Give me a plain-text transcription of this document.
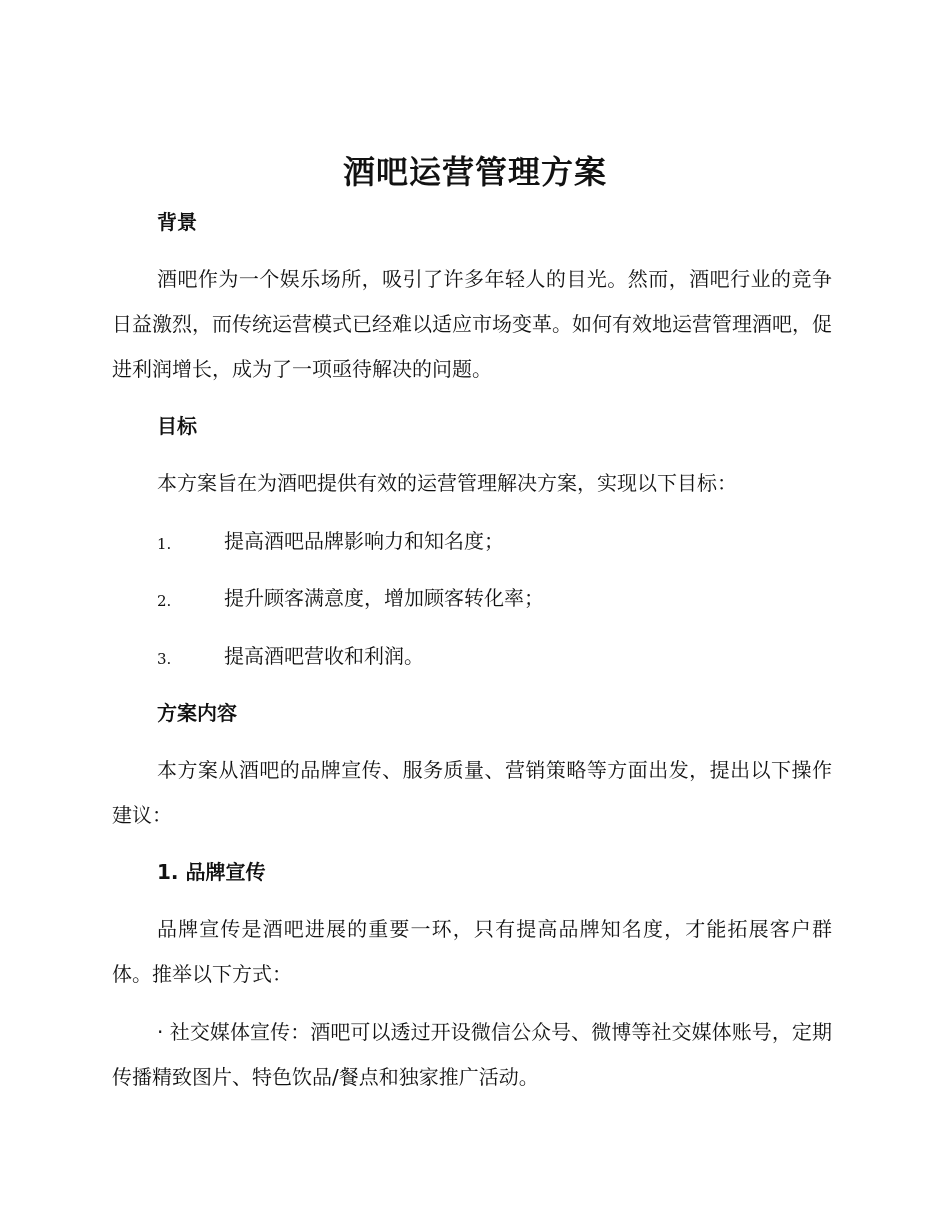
酒吧运营管理方案
背景

酒吧作为一个娱乐场所，吸引了许多年轻人的目光。然而，酒吧行业的竞争日益激烈，而传统运营模式已经难以适应市场变革。如何有效地运营管理酒吧，促进利润增长，成为了一项亟待解决的问题。

目标

本方案旨在为酒吧提供有效的运营管理解决方案，实现以下目标：

1.	提高酒吧品牌影响力和知名度；
2.	提升顾客满意度，增加顾客转化率；
3.	提高酒吧营收和利润。
方案内容

本方案从酒吧的品牌宣传、服务质量、营销策略等方面出发，提出以下操作建议：

1. 品牌宣传

品牌宣传是酒吧进展的重要一环，只有提高品牌知名度，才能拓展客户群体。推举以下方式：

· 社交媒体宣传：酒吧可以透过开设微信公众号、微博等社交媒体账号，定期传播精致图片、特色饮品/餐点和独家推广活动。
